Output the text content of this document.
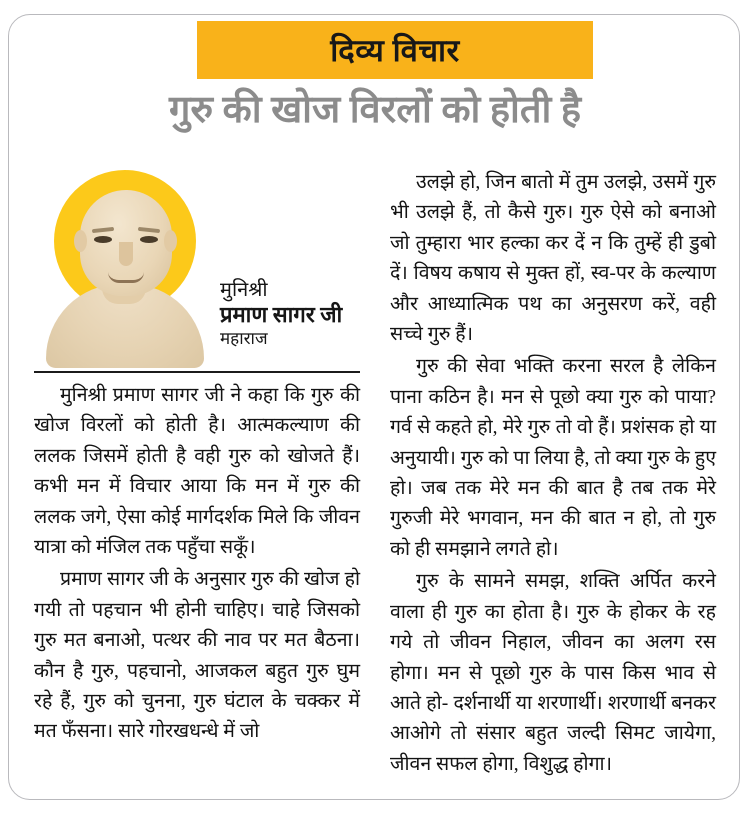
दिव्य विचार
गुरु की खोज विरलों को होती है
मुनिश्री
प्रमाण सागर जी
महाराज

मुनिश्री प्रमाण सागर जी ने कहा कि गुरु की खोज विरलों को होती है। आत्मकल्याण की ललक जिसमें होती है वही गुरु को खोजते हैं। कभी मन में विचार आया कि मन में गुरु की ललक जगे, ऐसा कोई मार्गदर्शक मिले कि जीवन यात्रा को मंजिल तक पहुँचा सकूँ।

प्रमाण सागर जी के अनुसार गुरु की खोज हो गयी तो पहचान भी होनी चाहिए। चाहे जिसको गुरु मत बनाओ, पत्थर की नाव पर मत बैठना। कौन है गुरु, पहचानो, आजकल बहुत गुरु घुम रहे हैं, गुरु को चुनना, गुरु घंटाल के चक्कर में मत फँसना। सारे गोरखधन्धे में जो

उलझे हो, जिन बातो में तुम उलझे, उसमें गुरु भी उलझे हैं, तो कैसे गुरु। गुरु ऐसे को बनाओ जो तुम्हारा भार हल्का कर दें न कि तुम्हें ही डुबो दें। विषय कषाय से मुक्त हों, स्व-पर के कल्याण और आध्यात्मिक पथ का अनुसरण करें, वही सच्चे गुरु हैं।

गुरु की सेवा भक्ति करना सरल है लेकिन पाना कठिन है। मन से पूछो क्या गुरु को पाया? गर्व से कहते हो, मेरे गुरु तो वो हैं। प्रशंसक हो या अनुयायी। गुरु को पा लिया है, तो क्या गुरु के हुए हो। जब तक मेरे मन की बात है तब तक मेरे गुरुजी मेरे भगवान, मन की बात न हो, तो गुरु को ही समझाने लगते हो।

गुरु के सामने समझ, शक्ति अर्पित करने वाला ही गुरु का होता है। गुरु के होकर के रह गये तो जीवन निहाल, जीवन का अलग रस होगा। मन से पूछो गुरु के पास किस भाव से आते हो- दर्शनार्थी या शरणार्थी। शरणार्थी बनकर आओगे तो संसार बहुत जल्दी सिमट जायेगा, जीवन सफल होगा, विशुद्ध होगा।
